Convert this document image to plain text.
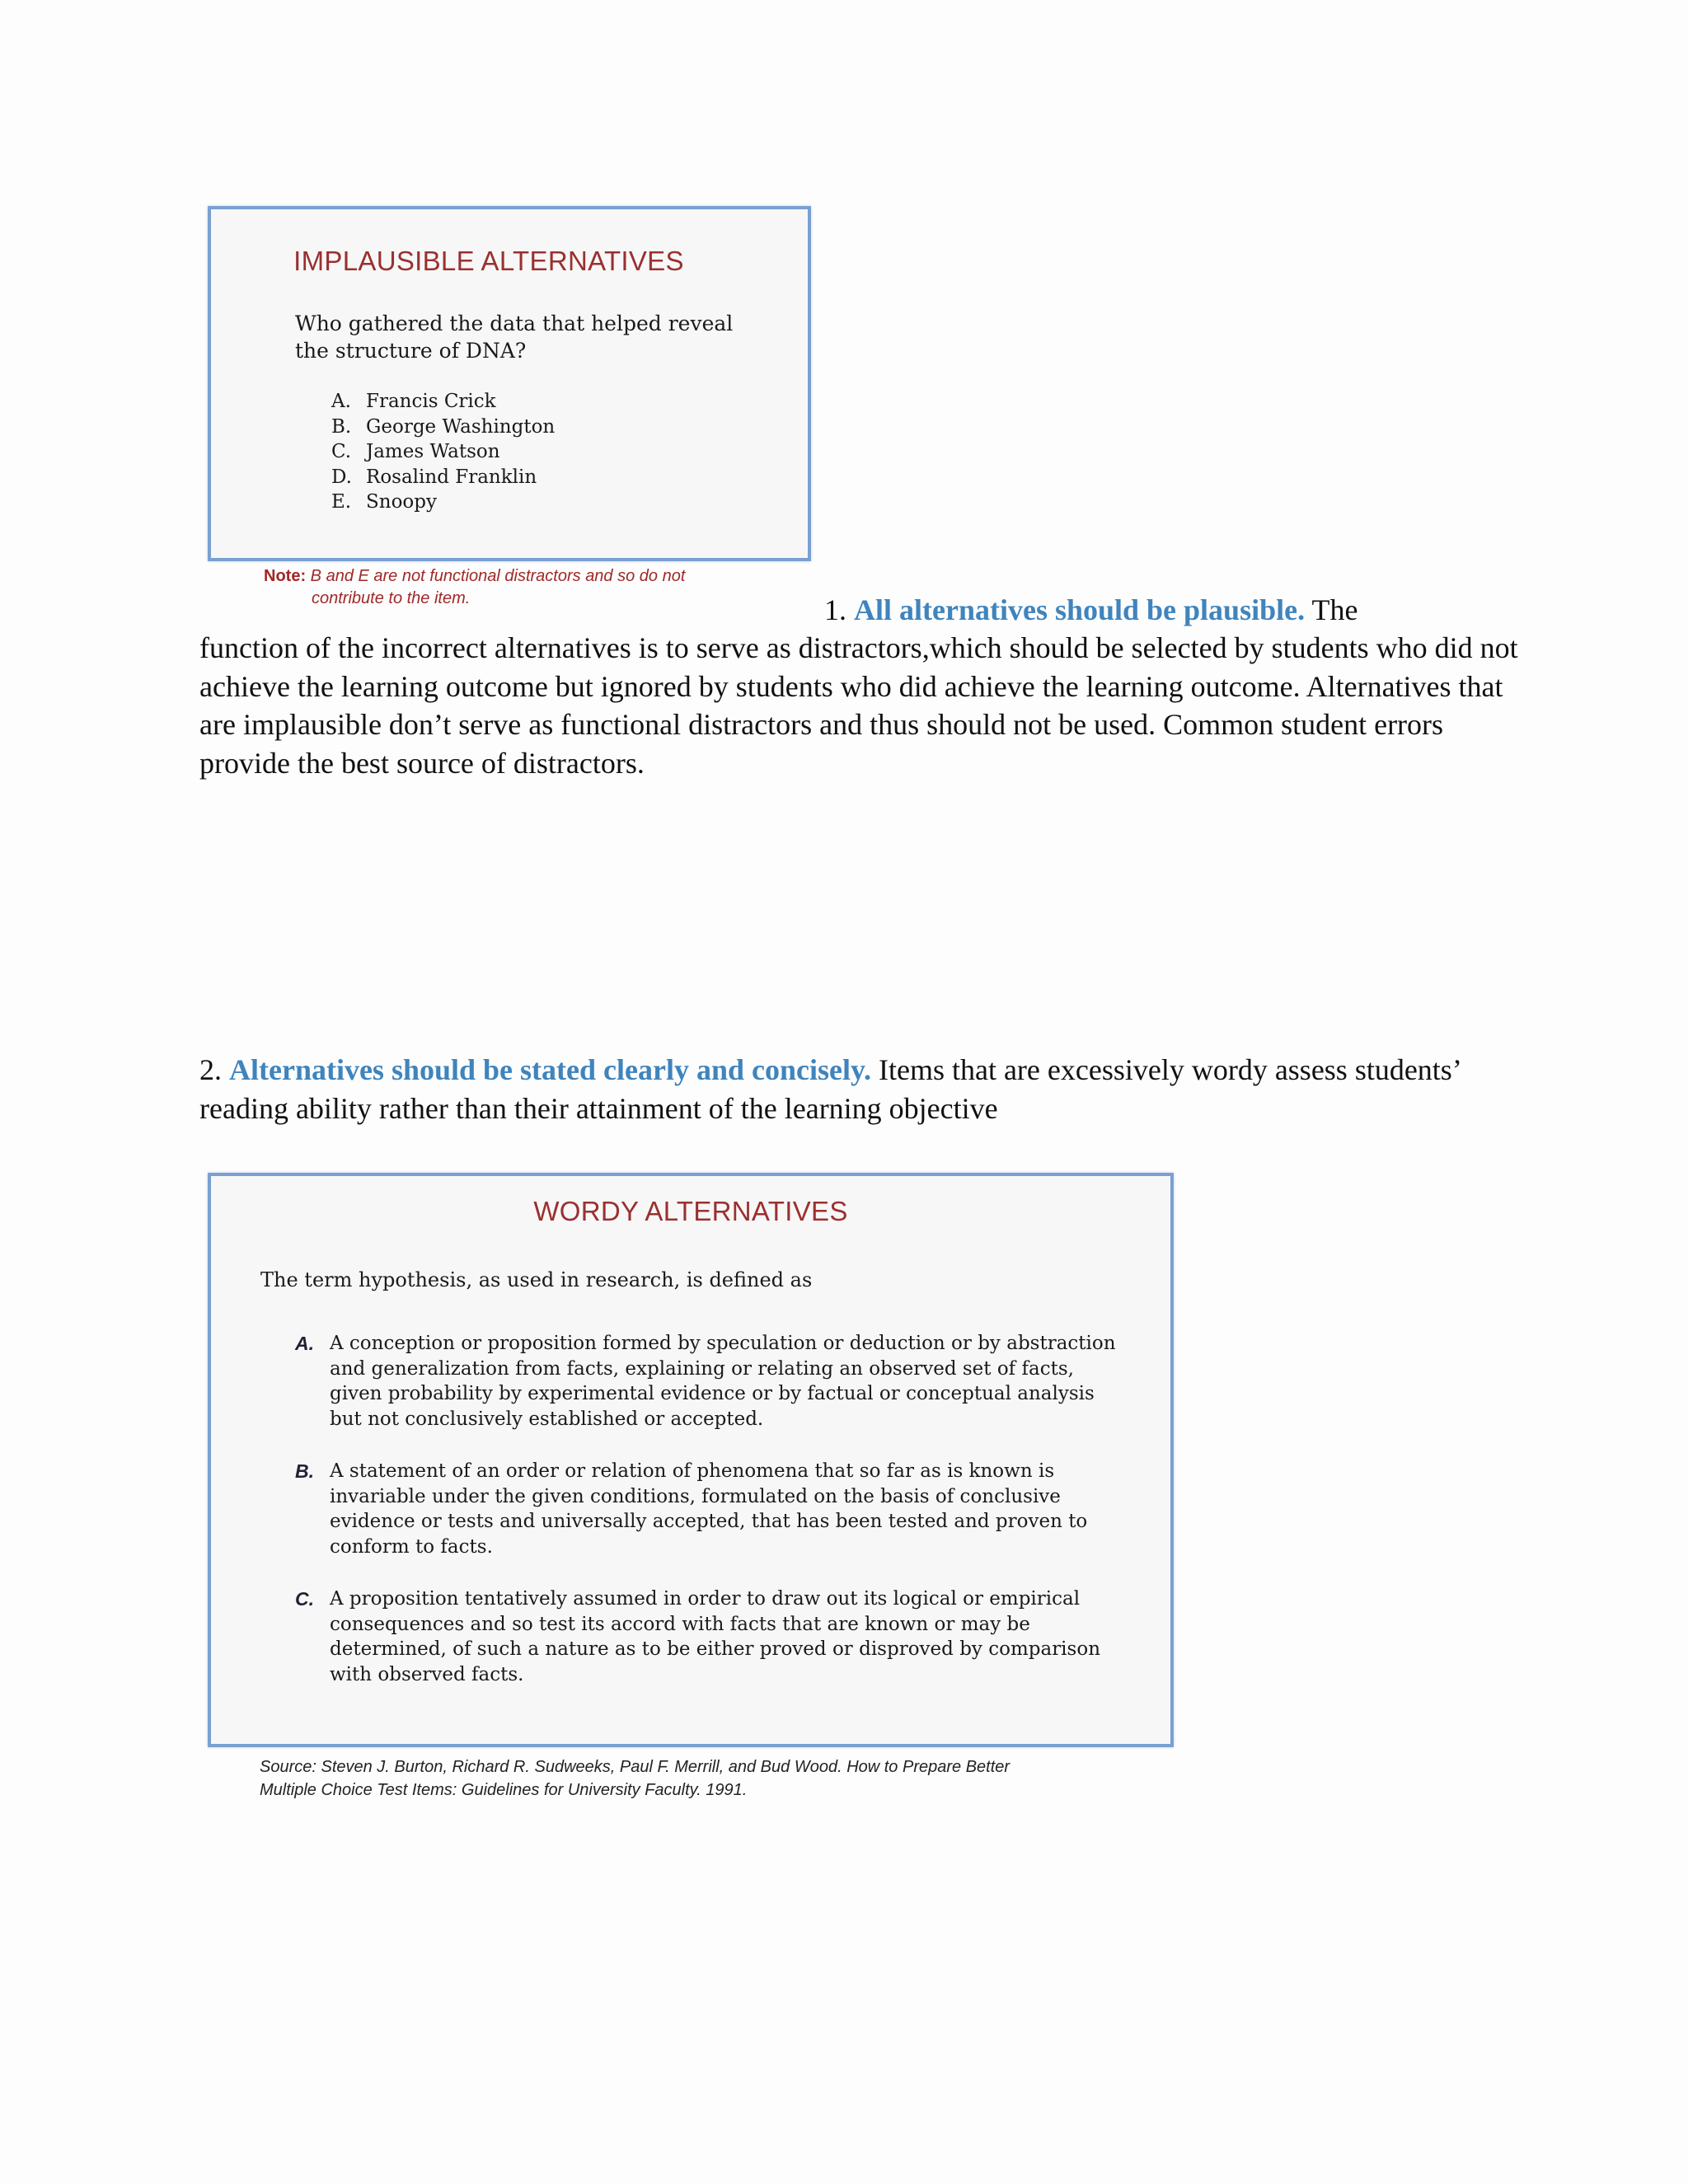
IMPLAUSIBLE ALTERNATIVES
Who gathered the data that helped reveal the structure of DNA?
A. Francis Crick
B. George Washington
C. James Watson
D. Rosalind Franklin
E. Snoopy
Note: B and E are not functional distractors and so do not
contribute to the item.	1. All alternatives should be plausible. The
function of the incorrect alternatives is to serve as distractors,which should be selected by students who did not achieve the learning outcome but ignored by students who did achieve the learning outcome. Alternatives that are implausible don’t serve as functional distractors and thus should not be used. Common student errors provide the best source of distractors.
2. Alternatives should be stated clearly and concisely. Items that are excessively wordy assess students’ reading ability rather than their attainment of the learning objective
WORDY ALTERNATIVES
The term hypothesis, as used in research, is defined as
A. A conception or proposition formed by speculation or deduction or by abstraction and generalization from facts, explaining or relating an observed set of facts, given probability by experimental evidence or by factual or conceptual analysis but not conclusively established or accepted.
B. A statement of an order or relation of phenomena that so far as is known is invariable under the given conditions, formulated on the basis of conclusive evidence or tests and universally accepted, that has been tested and proven to conform to facts.
C. A proposition tentatively assumed in order to draw out its logical or empirical consequences and so test its accord with facts that are known or may be determined, of such a nature as to be either proved or disproved by comparison with observed facts.
Source: Steven J. Burton, Richard R. Sudweeks, Paul F. Merrill, and Bud Wood. How to Prepare Better
Multiple Choice Test Items: Guidelines for University Faculty. 1991.
